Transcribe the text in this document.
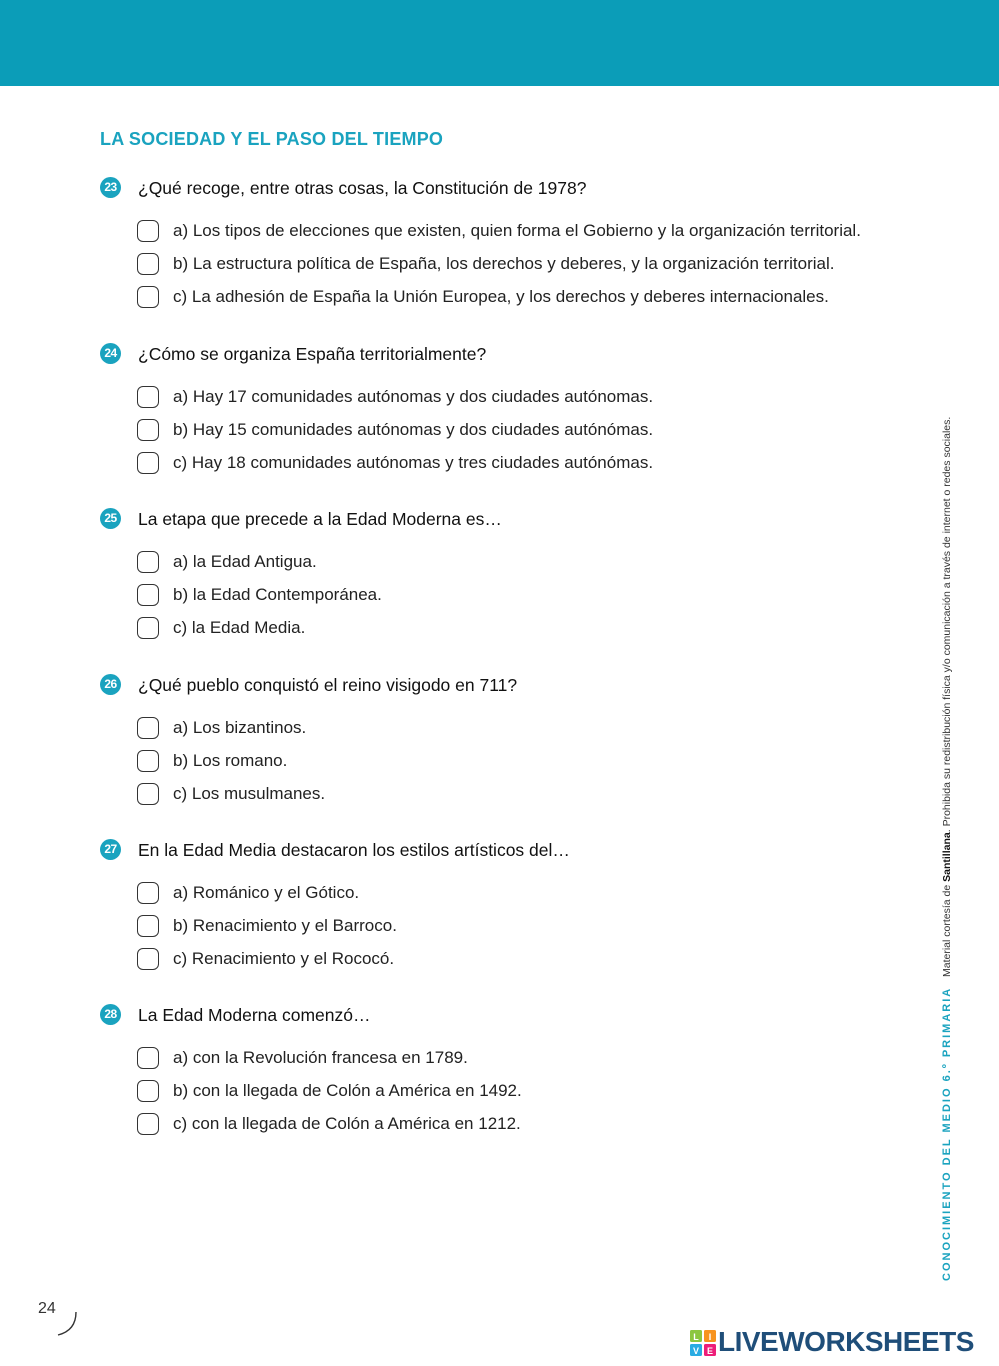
LA SOCIEDAD Y EL PASO DEL TIEMPO
23 ¿Qué recoge, entre otras cosas, la Constitución de 1978?
a) Los tipos de elecciones que existen, quien forma el Gobierno y la organización territorial.
b) La estructura política de España, los derechos y deberes, y la organización territorial.
c) La adhesión de España la Unión Europea, y los derechos y deberes internacionales.
24 ¿Cómo se organiza España territorialmente?
a) Hay 17 comunidades autónomas y dos ciudades autónomas.
b) Hay 15 comunidades autónomas y dos ciudades autónómas.
c) Hay 18 comunidades autónomas y tres ciudades autónómas.
25 La etapa que precede a la Edad Moderna es…
a) la Edad Antigua.
b) la Edad Contemporánea.
c) la Edad Media.
26 ¿Qué pueblo conquistó el reino visigodo en 711?
a) Los bizantinos.
b) Los romano.
c) Los musulmanes.
27 En la Edad Media destacaron los estilos artísticos del…
a) Románico y el Gótico.
b) Renacimiento y el Barroco.
c) Renacimiento y el Rococó.
28 La Edad Moderna comenzó…
a) con la Revolución francesa en 1789.
b) con la llegada de Colón a América en 1492.
c) con la llegada de Colón a América en 1212.
Material cortesía de Santillana. Prohibida su redistribución física y/o comunicación a través de internet o redes sociales.
CONOCIMIENTO DEL MEDIO 6.º PRIMARIA
24
L I
V E LIVEWORKSHEETS
